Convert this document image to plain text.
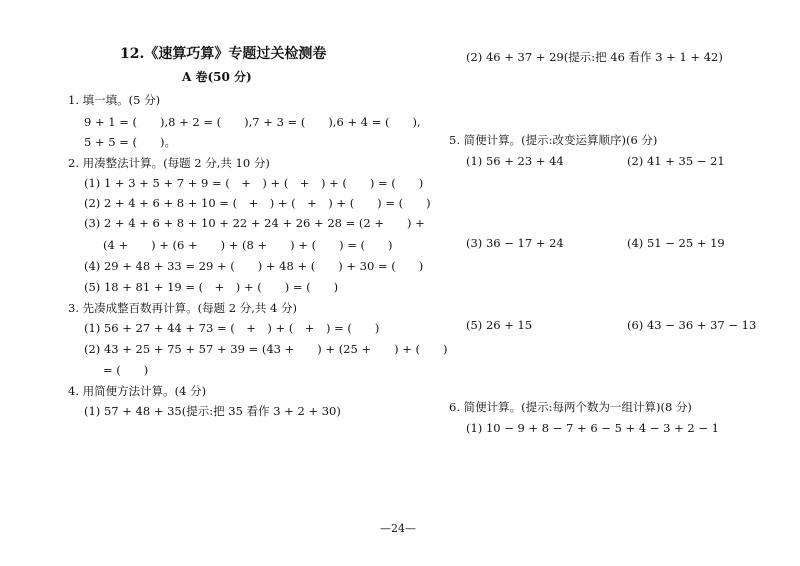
12.《速算巧算》专题过关检测卷
A 卷(50 分)
1. 填一填。(5 分)
9 + 1 = (　　),8 + 2 = (　　),7 + 3 = (　　),6 + 4 = (　　),
5 + 5 = (　　)。
2. 用凑整法计算。(每题 2 分,共 10 分)
(1) 1 + 3 + 5 + 7 + 9 = (　+　) + (　+　) + (　　) = (　　)
(2) 2 + 4 + 6 + 8 + 10 = (　+　) + (　+　) + (　　) = (　　)
(3) 2 + 4 + 6 + 8 + 10 + 22 + 24 + 26 + 28 = (2 +　　) +
(4 +　　) + (6 +　　) + (8 +　　) + (　　) = (　　)
(4) 29 + 48 + 33 = 29 + (　　) + 48 + (　　) + 30 = (　　)
(5) 18 + 81 + 19 = (　+　) + (　　) = (　　)
3. 先凑成整百数再计算。(每题 2 分,共 4 分)
(1) 56 + 27 + 44 + 73 = (　+　) + (　+　) = (　　)
(2) 43 + 25 + 75 + 57 + 39 = (43 +　　) + (25 +　　) + (　　)
= (　　)
4. 用简便方法计算。(4 分)
(1) 57 + 48 + 35(提示:把 35 看作 3 + 2 + 30)
(2) 46 + 37 + 29(提示:把 46 看作 3 + 1 + 42)
5. 简便计算。(提示:改变运算顺序)(6 分)
(1) 56 + 23 + 44	(2) 41 + 35 − 21
(3) 36 − 17 + 24	(4) 51 − 25 + 19
(5) 26 + 15	(6) 43 − 36 + 37 − 13
6. 简便计算。(提示:每两个数为一组计算)(8 分)
(1) 10 − 9 + 8 − 7 + 6 − 5 + 4 − 3 + 2 − 1
—24—
